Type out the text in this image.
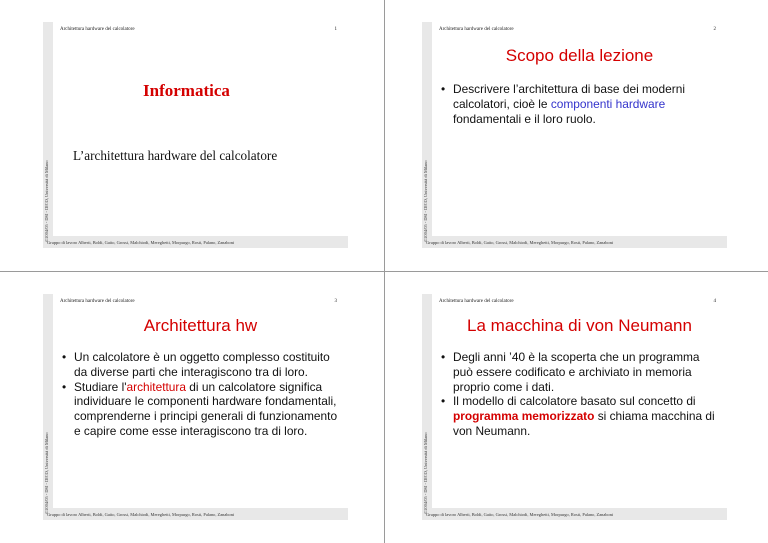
Architettura hardware del calcolatore	1
©2004/05 - DSI - DICO, Università di Milano
Gruppo di lavoro Alberti, Boldi, Gaito, Grossi, Malchiodi, Mereghetti, Morpurgo, Rosti, Palano, Zanaboni
Informatica
L’architettura hardware del calcolatore
Architettura hardware del calcolatore	2
©2004/05 - DSI - DICO, Università di Milano
Gruppo di lavoro Alberti, Boldi, Gaito, Grossi, Malchiodi, Mereghetti, Morpurgo, Rosti, Palano, Zanaboni
Scopo della lezione
• Descrivere l’architettura di base dei moderni calcolatori, cioè le componenti hardware fondamentali e il loro ruolo.
Architettura hardware del calcolatore	3
©2004/05 - DSI - DICO, Università di Milano
Gruppo di lavoro Alberti, Boldi, Gaito, Grossi, Malchiodi, Mereghetti, Morpurgo, Rosti, Palano, Zanaboni
Architettura hw
• Un calcolatore è un oggetto complesso costituito da diverse parti che interagiscono tra di loro.
• Studiare l'architettura di un calcolatore significa individuare le componenti hardware fondamentali, comprenderne i principi generali di funzionamento e capire come esse interagiscono tra di loro.
Architettura hardware del calcolatore	4
©2004/05 - DSI - DICO, Università di Milano
Gruppo di lavoro Alberti, Boldi, Gaito, Grossi, Malchiodi, Mereghetti, Morpurgo, Rosti, Palano, Zanaboni
La macchina di von Neumann
• Degli anni ’40 è la scoperta che un programma può essere codificato e archiviato in memoria proprio come i dati.
• Il modello di calcolatore basato sul concetto di programma memorizzato si chiama macchina di von Neumann.
